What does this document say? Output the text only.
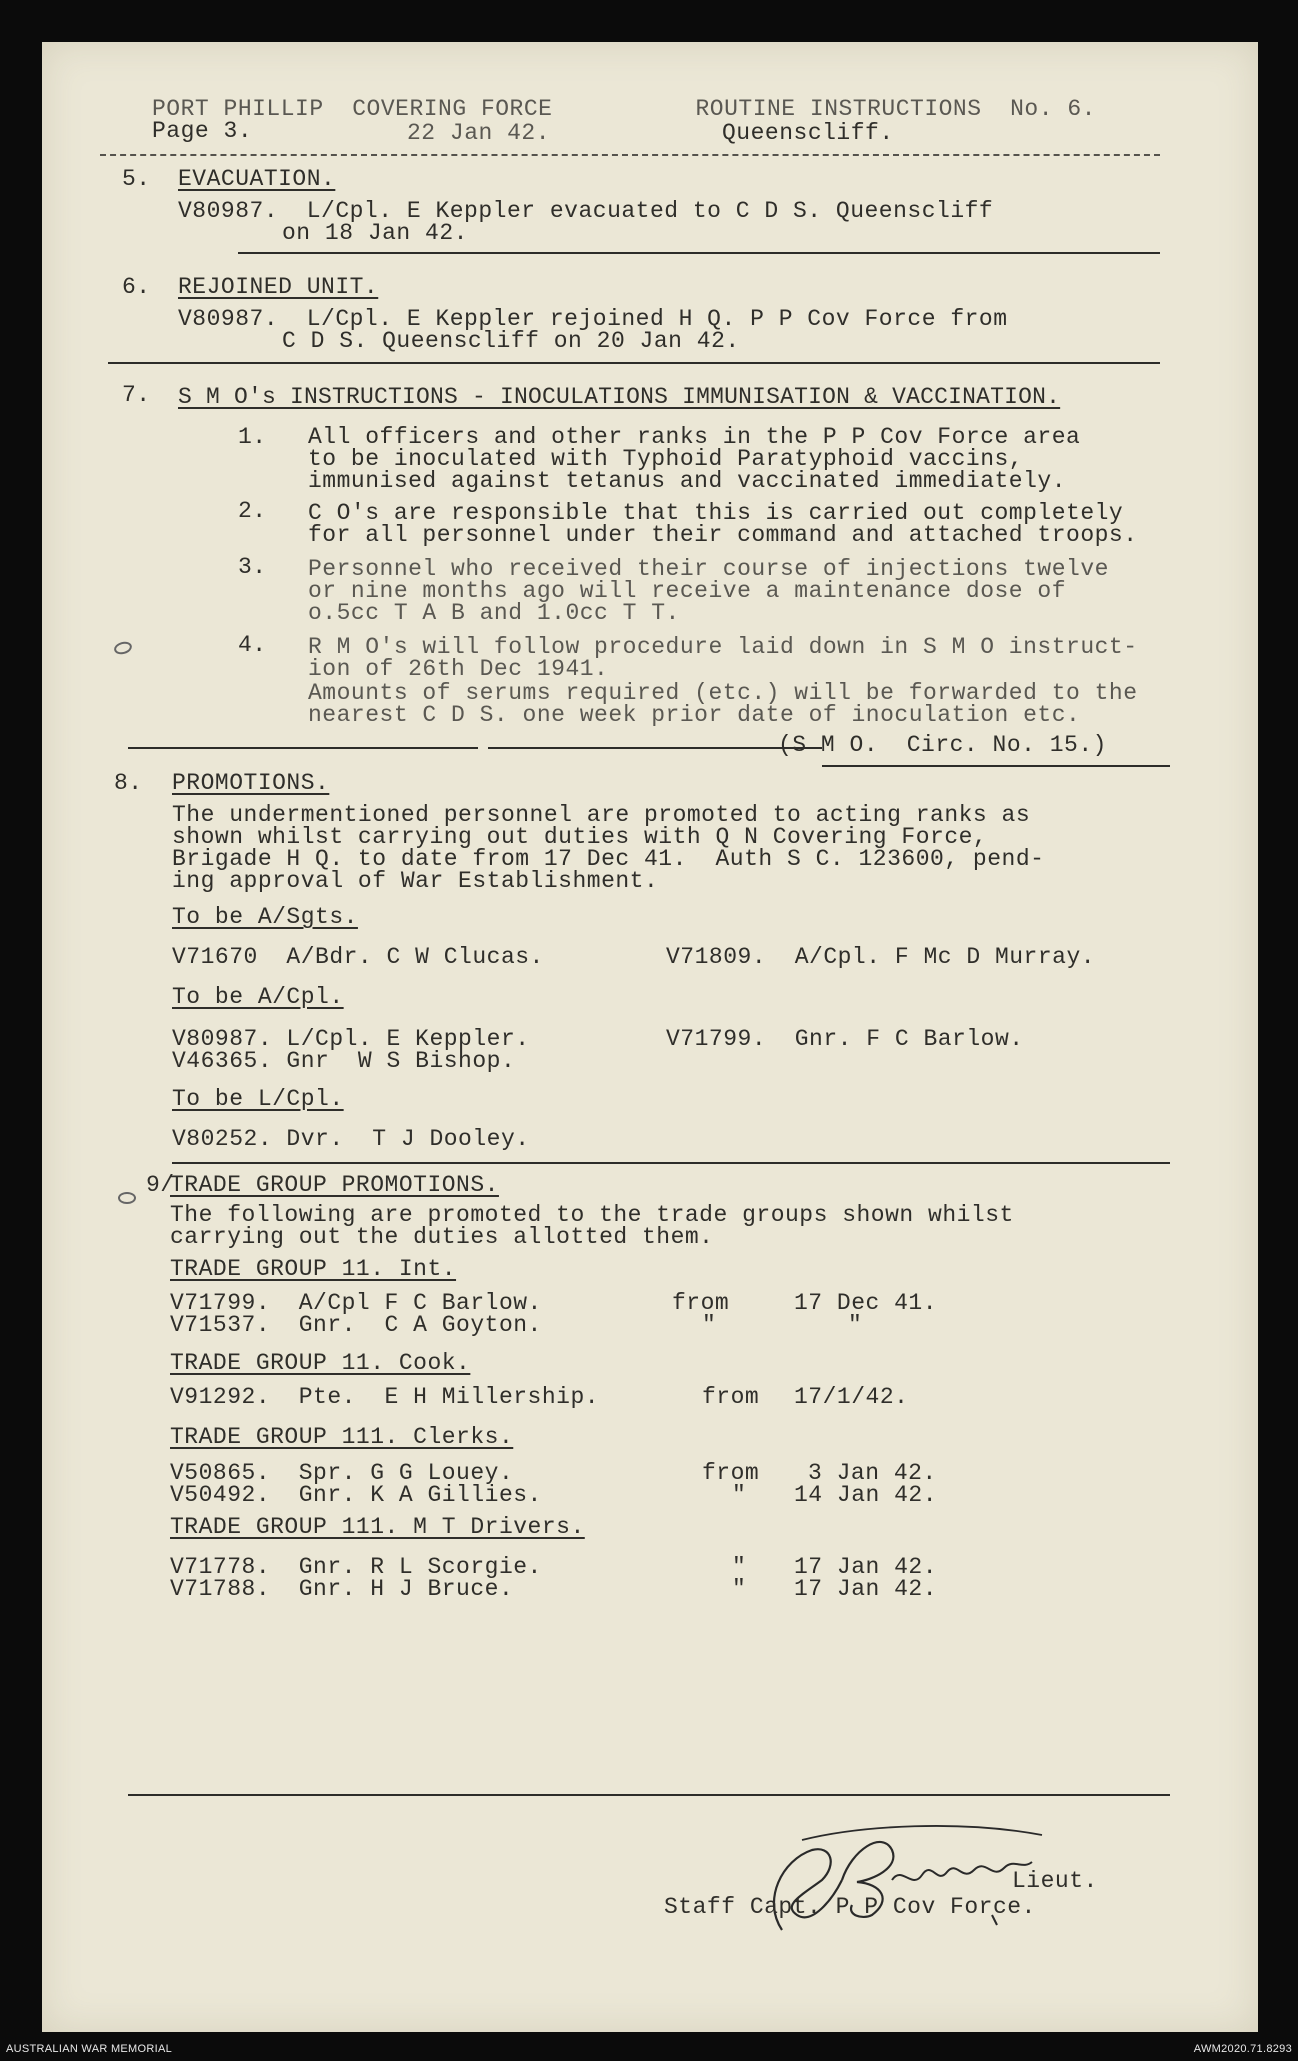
PORT PHILLIP  COVERING FORCE          ROUTINE INSTRUCTIONS  No. 6.
Page 3.	22 Jan 42.	Queenscliff.
5. EVACUATION.
V80987.  L/Cpl. E Keppler evacuated to C D S. Queenscliff
on 18 Jan 42.
6. REJOINED UNIT.
V80987.  L/Cpl. E Keppler rejoined H Q. P P Cov Force from
C D S. Queenscliff on 20 Jan 42.
7. S M O's INSTRUCTIONS - INOCULATIONS IMMUNISATION & VACCINATION.
1. All officers and other ranks in the P P Cov Force area
to be inoculated with Typhoid Paratyphoid vaccins,
immunised against tetanus and vaccinated immediately.
2. C O's are responsible that this is carried out completely
for all personnel under their command and attached troops.
3. Personnel who received their course of injections twelve
or nine months ago will receive a maintenance dose of
o.5cc T A B and 1.0cc T T.
4. R M O's will follow procedure laid down in S M O instruct-
ion of 26th Dec 1941.
Amounts of serums required (etc.) will be forwarded to the
nearest C D S. one week prior date of inoculation etc.
(S M O.  Circ. No. 15.)
8. PROMOTIONS.
The undermentioned personnel are promoted to acting ranks as
shown whilst carrying out duties with Q N Covering Force,
Brigade H Q. to date from 17 Dec 41.  Auth S C. 123600, pend-
ing approval of War Establishment.
To be A/Sgts.
V71670  A/Bdr. C W Clucas.	V71809.  A/Cpl. F Mc D Murray.
To be A/Cpl.
V80987. L/Cpl. E Keppler.	V71799.  Gnr. F C Barlow.
V46365. Gnr  W S Bishop.
To be L/Cpl.
V80252. Dvr.  T J Dooley.
9/
TRADE GROUP PROMOTIONS.
The following are promoted to the trade groups shown whilst
carrying out the duties allotted them.
TRADE GROUP 11. Int.
V71799.  A/Cpl F C Barlow.	from	17 Dec 41.
V71537.  Gnr.  C A Goyton.	"	"
TRADE GROUP 11. Cook.
V91292.  Pte.  E H Millership.	from 17/1/42.
TRADE GROUP 111. Clerks.
V50865.  Spr. G G Louey.	from 3 Jan 42.
V50492.  Gnr. K A Gillies.	" 14 Jan 42.
TRADE GROUP 111. M T Drivers.
V71778.  Gnr. R L Scorgie.	" 17 Jan 42.
V71788.  Gnr. H J Bruce.	" 17 Jan 42.
Lieut.
Staff Capt. P P Cov Force.
AUSTRALIAN WAR MEMORIAL	AWM2020.71.8293
